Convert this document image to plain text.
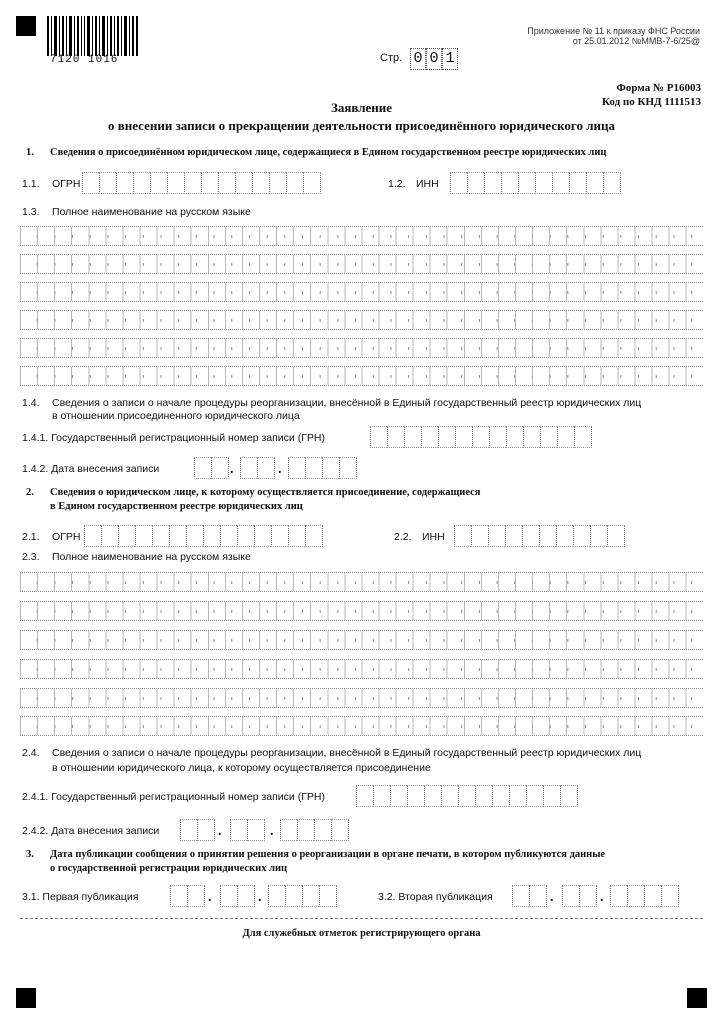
7120 1016
Приложение № 11 к приказу ФНС России
от 25.01.2012 №ММВ-7-6/25@
Стр. 0 0 1
Форма № Р16003
Код по КНД 1111513
Заявление
о внесении записи о прекращении деятельности присоединённого юридического лица
1. Сведения о присоединённом юридическом лице, содержащиеся в Едином государственном реестре юридических лиц
1.1. ОГРН	1.2. ИНН
1.3. Полное наименование на русском языке
1.4. Сведения о записи о начале процедуры реорганизации, внесённой в Единый государственный реестр юридических лиц
в отношении присоединенного юридического лица
1.4.1. Государственный регистрационный номер записи (ГРН)
1.4.2. Дата внесения записи	.	.
2. Сведения о юридическом лице, к которому осуществляется присоединение, содержащиеся
в Едином государственном реестре юридических лиц
2.1. ОГРН	2.2. ИНН
2.3. Полное наименование на русском языке
2.4. Сведения о записи о начале процедуры реорганизации, внесённой в Единый государственный реестр юридических лиц
в отношении юридического лица, к которому осуществляется присоединение
2.4.1. Государственный регистрационный номер записи (ГРН)
2.4.2. Дата внесения записи	.	.
3. Дата публикации сообщения о принятии решения о реорганизации в органе печати, в котором публикуются данные
о государственной регистрации юридических лиц
3.1. Первая публикация	.	.	3.2. Вторая публикация	.	.
Для служебных отметок регистрирующего органа
